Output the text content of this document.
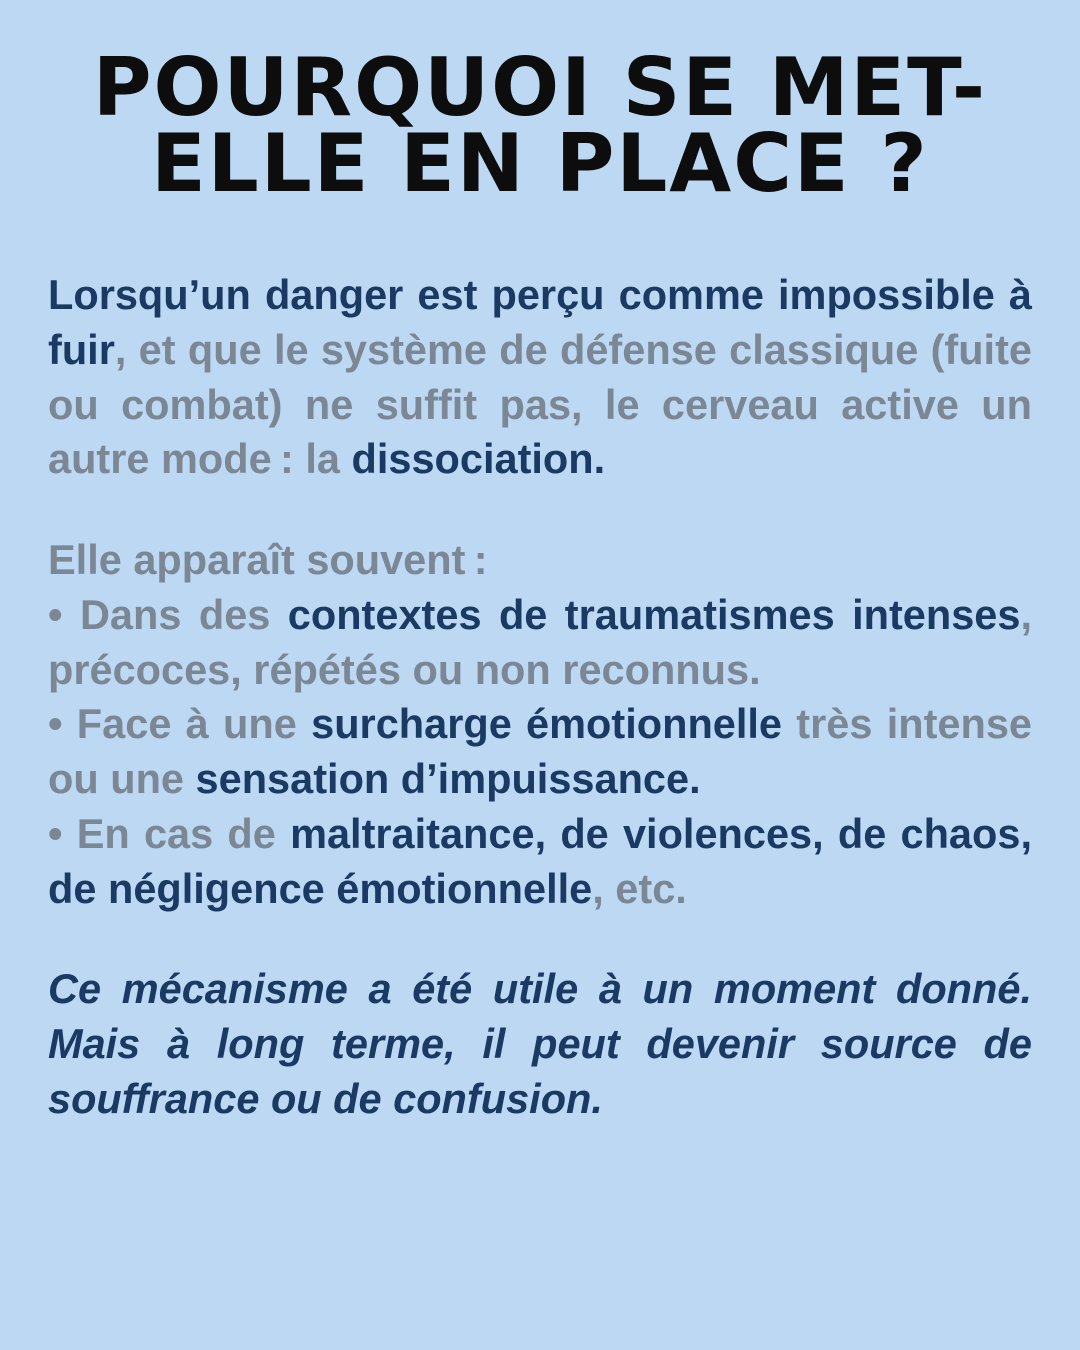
POURQUOI SE MET-
ELLE EN PLACE ?

Lorsqu’un danger est perçu comme impossible à fuir, et que le système de défense classique (fuite ou combat) ne suffit pas, le cerveau active un autre mode : la dissociation.

Elle apparaît souvent :

• Dans des contextes de traumatismes intenses, précoces, répétés ou non reconnus.

• Face à une surcharge émotionnelle très intense ou une sensation d’impuissance.

• En cas de maltraitance, de violences, de chaos, de négligence émotionnelle, etc.

Ce mécanisme a été utile à un moment donné. Mais à long terme, il peut devenir source de souffrance ou de confusion.
